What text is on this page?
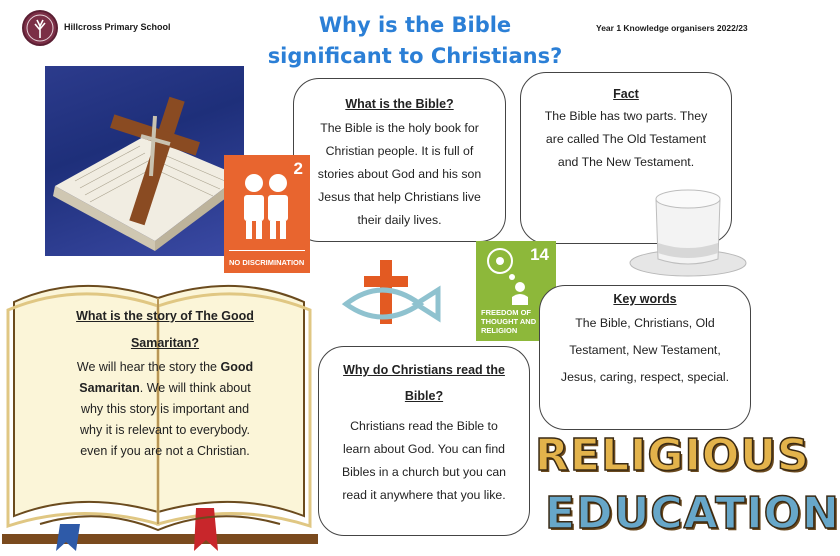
Hillcross Primary School	Why is the Bible
significant to Christians?
Year 1 Knowledge organisers 2022/23
What is the Bible?
The Bible is the holy book for
Christian people. It is full of
stories about God and his son
Jesus that help Christians live
their daily lives.
Fact
The Bible has two parts. They
are called The Old Testament
and The New Testament.
2
NO DISCRIMINATION	14
FREEDOM OF
THOUGHT AND
RELIGION
What is the story of The Good
Samaritan?
We will hear the story the Good
Samaritan. We will think about
why this story is important and
why it is relevant to everybody.
even if you are not a Christian.
Why do Christians read the
Bible?
Christians read the Bible to
learn about God. You can find
Bibles in a church but you can
read it anywhere that you like.
Key words
The Bible, Christians, Old
Testament, New Testament,
Jesus, caring, respect, special.
RELIGIOUS
EDUCATION
